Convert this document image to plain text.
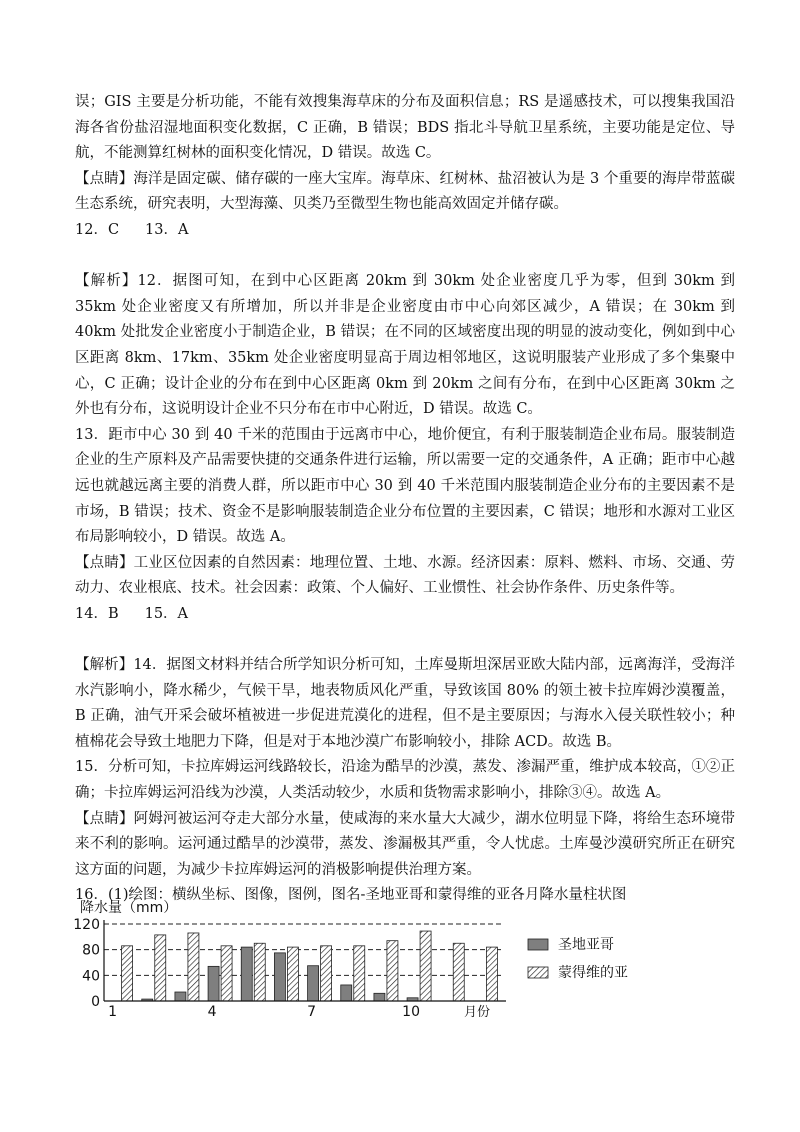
误；GIS 主要是分析功能，不能有效搜集海草床的分布及面积信息；RS 是遥感技术，可以搜集我国沿海各省份盐沼湿地面积变化数据，C 正确，B 错误；BDS 指北斗导航卫星系统，主要功能是定位、导航，不能测算红树林的面积变化情况，D 错误。故选 C。

【点睛】海洋是固定碳、储存碳的一座大宝库。海草床、红树林、盐沼被认为是 3 个重要的海岸带蓝碳生态系统，研究表明，大型海藻、贝类乃至微型生物也能高效固定并储存碳。

12．C 13．A

【解析】12．据图可知，在到中心区距离 20km 到 30km 处企业密度几乎为零，但到 30km 到 35km 处企业密度又有所增加，所以并非是企业密度由市中心向郊区减少，A 错误；在 30km 到 40km 处批发企业密度小于制造企业，B 错误；在不同的区域密度出现的明显的波动变化，例如到中心区距离 8km、17km、35km 处企业密度明显高于周边相邻地区，这说明服装产业形成了多个集聚中心，C 正确；设计企业的分布在到中心区距离 0km 到 20km 之间有分布，在到中心区距离 30km 之外也有分布，这说明设计企业不只分布在市中心附近，D 错误。故选 C。

13．距市中心 30 到 40 千米的范围由于远离市中心，地价便宜，有利于服装制造企业布局。服装制造企业的生产原料及产品需要快捷的交通条件进行运输，所以需要一定的交通条件，A 正确；距市中心越远也就越远离主要的消费人群，所以距市中心 30 到 40 千米范围内服装制造企业分布的主要因素不是市场，B 错误；技术、资金不是影响服装制造企业分布位置的主要因素，C 错误；地形和水源对工业区布局影响较小，D 错误。故选 A。

【点睛】工业区位因素的自然因素：地理位置、土地、水源。经济因素：原料、燃料、市场、交通、劳动力、农业根底、技术。社会因素：政策、个人偏好、工业惯性、社会协作条件、历史条件等。

14．B 15．A

【解析】14．据图文材料并结合所学知识分析可知，土库曼斯坦深居亚欧大陆内部，远离海洋，受海洋水汽影响小，降水稀少，气候干旱，地表物质风化严重，导致该国 80% 的领土被卡拉库姆沙漠覆盖，B 正确，油气开采会破坏植被进一步促进荒漠化的进程，但不是主要原因；与海水入侵关联性较小；种植棉花会导致土地肥力下降，但是对于本地沙漠广布影响较小，排除 ACD。故选 B。

15．分析可知，卡拉库姆运河线路较长，沿途为酷旱的沙漠，蒸发、渗漏严重，维护成本较高，①②正确；卡拉库姆运河沿线为沙漠，人类活动较少，水质和货物需求影响小，排除③④。故选 A。

【点睛】阿姆河被运河夺走大部分水量，使咸海的来水量大大减少，湖水位明显下降，将给生态环境带来不利的影响。运河通过酷旱的沙漠带，蒸发、渗漏极其严重，令人忧虑。土库曼沙漠研究所正在研究这方面的问题，为减少卡拉库姆运河的消极影响提供治理方案。

16．(1)绘图：横纵坐标、图像，图例，图名-圣地亚哥和蒙得维的亚各月降水量柱状图

降水量（mm）
0
40
80
120
1	4	7	10	月份
圣地亚哥
蒙得维的亚
